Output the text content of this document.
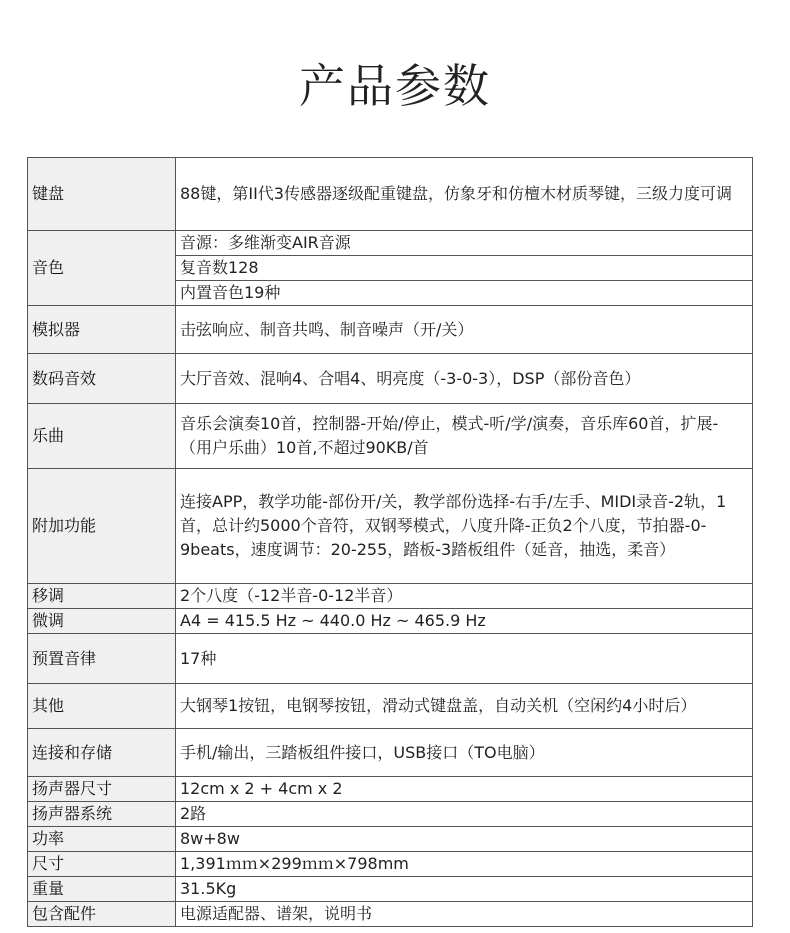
产品参数
键盘	88键，第II代3传感器逐级配重键盘，仿象牙和仿檀木材质琴键，三级力度可调
音色	音源：多维渐变AIR音源
	复音数128
	内置音色19种
模拟器	击弦响应、制音共鸣、制音噪声（开/关）
数码音效	大厅音效、混响4、合唱4、明亮度（-3-0-3），DSP（部份音色）
乐曲	音乐会演奏10首，控制器-开始/停止，模式-听/学/演奏，音乐库60首，扩展-（用户乐曲）10首,不超过90KB/首
附加功能	连接APP，教学功能-部份开/关，教学部份选择-右手/左手、MIDI录音-2轨，1首，总计约5000个音符，双钢琴模式，八度升降-正负2个八度，节拍器-0-9beats，速度调节：20-255，踏板-3踏板组件（延音，抽选，柔音）
移调	2个八度（-12半音-0-12半音）
微调	A4 = 415.5 Hz ~ 440.0 Hz ~ 465.9 Hz
预置音律	17种
其他	大钢琴1按钮，电钢琴按钮，滑动式键盘盖，自动关机（空闲约4小时后）
连接和存储	手机/输出，三踏板组件接口，USB接口（TO电脑）
扬声器尺寸	12cm x 2 + 4cm x 2
扬声器系统	2路
功率	8w+8w
尺寸	1,391ｍｍ×299ｍｍ×798mm
重量	31.5Kg
包含配件	电源适配器、谱架，说明书
